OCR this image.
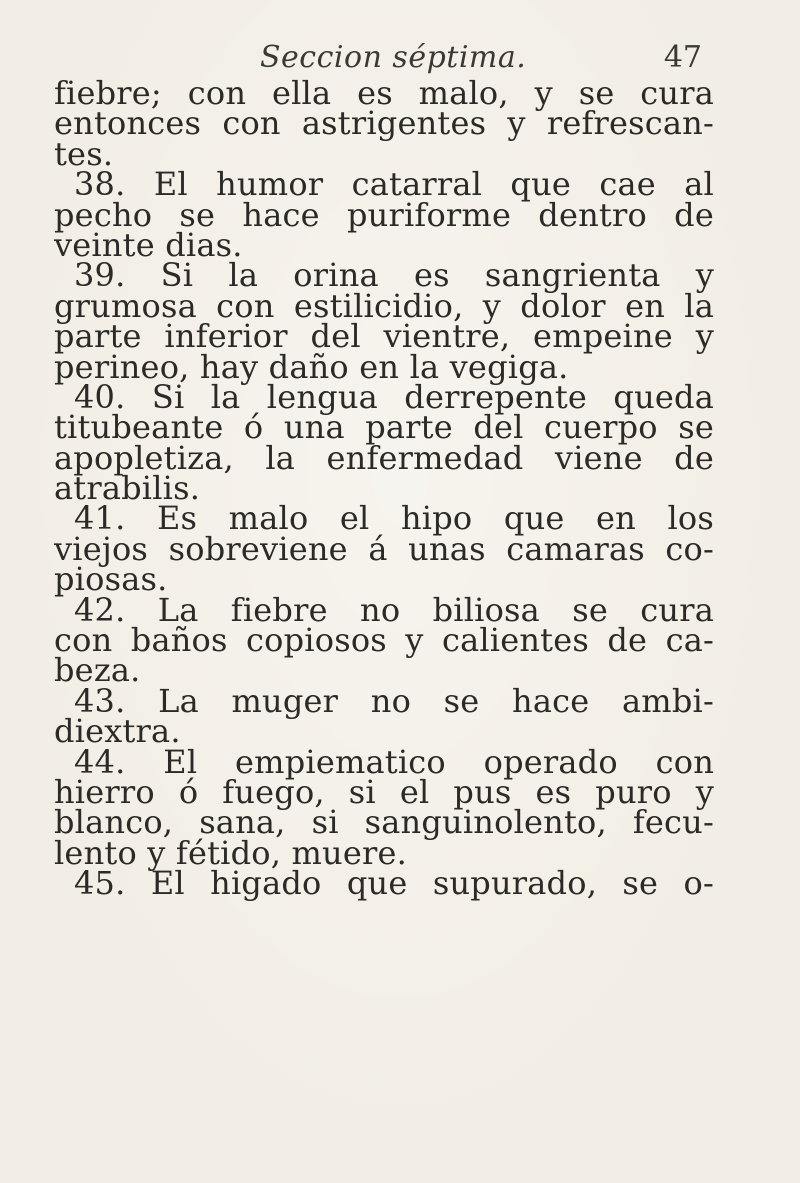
Seccion séptima.	47
fiebre; con ella es malo, y se cura
entonces con astrigentes y refrescan-
tes.
38. El humor catarral que cae al
pecho se hace puriforme dentro de
veinte dias.
39. Si la orina es sangrienta y
grumosa con estilicidio, y dolor en la
parte inferior del vientre, empeine y
perineo, hay daño en la vegiga.
40. Si la lengua derrepente queda
titubeante ó una parte del cuerpo se
apopletiza, la enfermedad viene de
atrabilis.
41. Es malo el hipo que en los
viejos sobreviene á unas camaras co-
piosas.
42. La fiebre no biliosa se cura
con baños copiosos y calientes de ca-
beza.
43. La muger no se hace ambi-
diextra.
44. El empiematico operado con
hierro ó fuego, si el pus es puro y
blanco, sana, si sanguinolento, fecu-
lento y fétido, muere.
45. El higado que supurado, se o-
